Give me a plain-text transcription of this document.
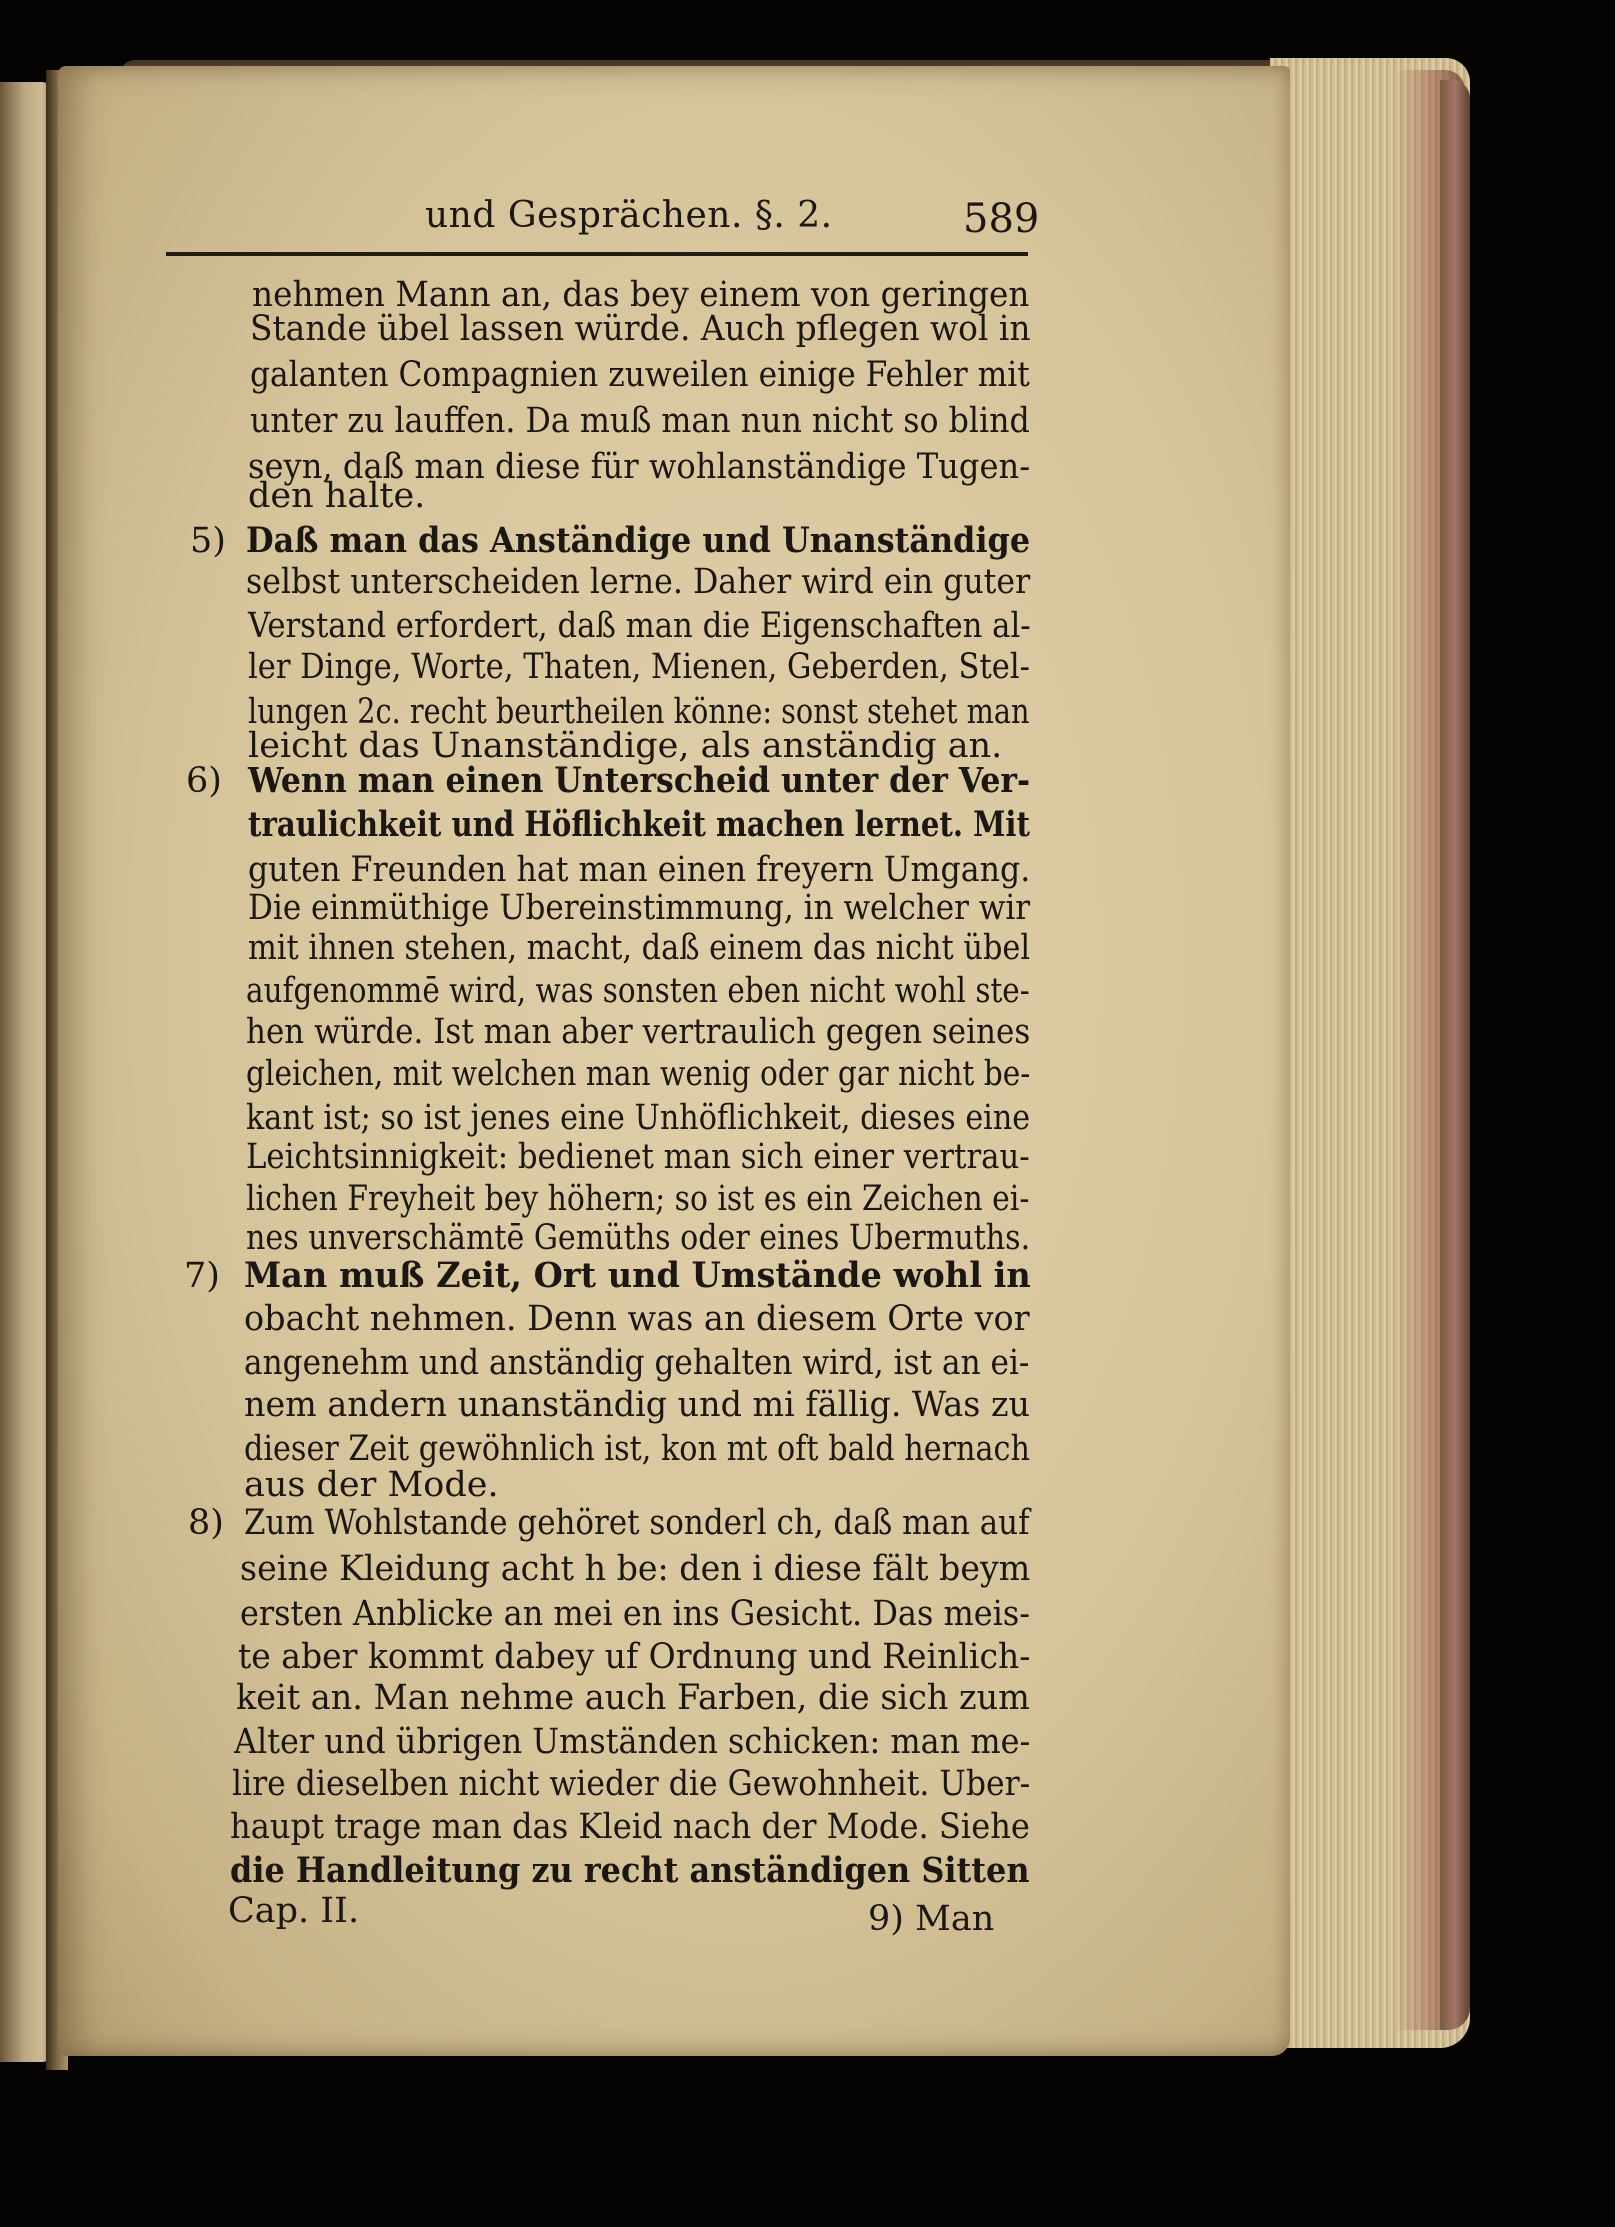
und Gesprächen. §. 2.	589
5)
6)
7)
8)
nehmen Mann an, das bey einem von geringen
Stande übel lassen würde. Auch pflegen wol in
galanten Compagnien zuweilen einige Fehler mit
unter zu lauffen. Da muß man nun nicht so blind
seyn, daß man diese für wohlanständige Tugen-
den halte.
Daß man das Anständige und Unanständige
selbst unterscheiden lerne. Daher wird ein guter
Verstand erfordert, daß man die Eigenschaften al-
ler Dinge, Worte, Thaten, Mienen, Geberden, Stel-
lungen 2c. recht beurtheilen könne: sonst stehet man
leicht das Unanständige, als anständig an.
Wenn man einen Unterscheid unter der Ver-
traulichkeit und Höflichkeit machen lernet. Mit
guten Freunden hat man einen freyern Umgang.
Die einmüthige Ubereinstimmung, in welcher wir
mit ihnen stehen, macht, daß einem das nicht übel
aufgenommē wird, was sonsten eben nicht wohl ste-
hen würde. Ist man aber vertraulich gegen seines
gleichen, mit welchen man wenig oder gar nicht be-
kant ist; so ist jenes eine Unhöflichkeit, dieses eine
Leichtsinnigkeit: bedienet man sich einer vertrau-
lichen Freyheit bey höhern; so ist es ein Zeichen ei-
nes unverschämtē Gemüths oder eines Ubermuths.
Man muß Zeit, Ort und Umstände wohl in
obacht nehmen. Denn was an diesem Orte vor
angenehm und anständig gehalten wird, ist an ei-
nem andern unanständig und mi fällig. Was zu
dieser Zeit gewöhnlich ist, kon mt oft bald hernach
aus der Mode.
Zum Wohlstande gehöret sonderl ch, daß man auf
seine Kleidung acht h be: den i diese fält beym
ersten Anblicke an mei en ins Gesicht. Das meis-
te aber kommt dabey uf Ordnung und Reinlich-
keit an. Man nehme auch Farben, die sich zum
Alter und übrigen Umständen schicken: man me-
lire dieselben nicht wieder die Gewohnheit. Uber-
haupt trage man das Kleid nach der Mode. Siehe
die Handleitung zu recht anständigen Sitten
Cap. II.	9) Man
